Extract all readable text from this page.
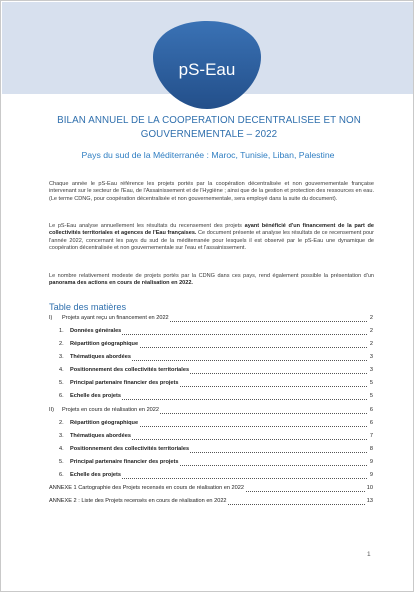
pS-Eau
BILAN ANNUEL DE LA COOPERATION DECENTRALISEE ET NON GOUVERNEMENTALE – 2022
Pays du sud de la Méditerranée : Maroc, Tunisie, Liban, Palestine

Chaque année le pS-Eau référence les projets portés par la coopération décentralisée et non gouvernementale française intervenant sur le secteur de l'Eau, de l'Assainissement et de l'Hygiène ; ainsi que de la gestion et protection des ressources en eau. (Le terme CDNG, pour coopération décentralisée et non gouvernementale, sera employé dans la suite du document).

Le pS-Eau analyse annuellement les résultats du recensement des projets ayant bénéficié d'un financement de la part de collectivités territoriales et agences de l'Eau françaises. Ce document présente et analyse les résultats de ce recensement pour l'année 2022, concernant les pays du sud de la méditerranée pour lesquels il est observé par le pS-Eau une dynamique de coopération décentralisée et non gouvernementale sur l'eau et l'assainissement.

Le nombre relativement modeste de projets portés par la CDNG dans ces pays, rend également possible la présentation d'un panorama des actions en cours de réalisation en 2022.

Table des matières
I) Projets ayant reçu un financement en 2022	2
1. Données générales	2
2. Répartition géographique	2
3. Thématiques abordées	3
4. Positionnement des collectivités territoriales	3
5. Principal partenaire financier des projets	5
6. Echelle des projets	5
II) Projets en cours de réalisation en 2022	6
2. Répartition géographique	6
3. Thématiques abordées	7
4. Positionnement des collectivités territoriales	8
5. Principal partenaire financier des projets	9
6. Echelle des projets	9
ANNEXE 1 Cartographie des Projets recensés en cours de réalisation en 2022	10
ANNEXE 2 : Liste des Projets recensés en cours de réalisation en 2022	13
1
